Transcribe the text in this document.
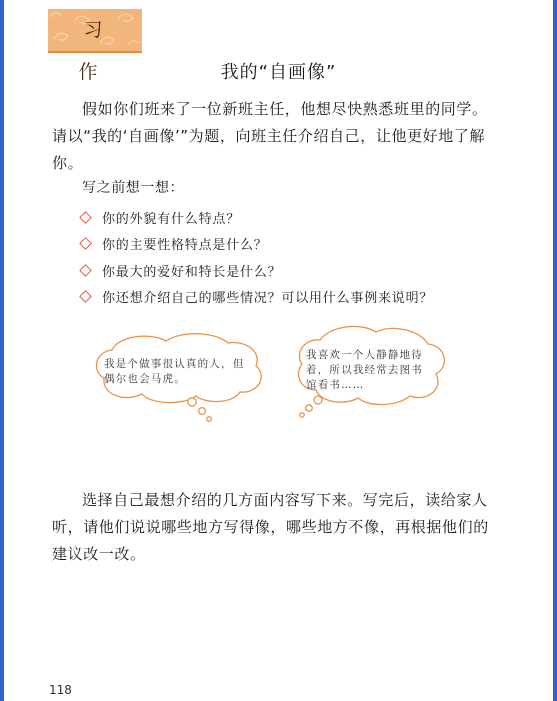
习 作	我的“自画像”

假如你们班来了一位新班主任，他想尽快熟悉班里的同学。请以“我的‘自画像’”为题，向班主任介绍自己，让他更好地了解你。

写之前想一想：
你的外貌有什么特点？
你的主要性格特点是什么？
你最大的爱好和特长是什么？
你还想介绍自己的哪些情况？可以用什么事例来说明？
我是个做事很认真的人，但偶尔也会马虎。
我喜欢一个人静静地待着，所以我经常去图书馆看书……

选择自己最想介绍的几方面内容写下来。写完后，读给家人听，请他们说说哪些地方写得像，哪些地方不像，再根据他们的建议改一改。

118
